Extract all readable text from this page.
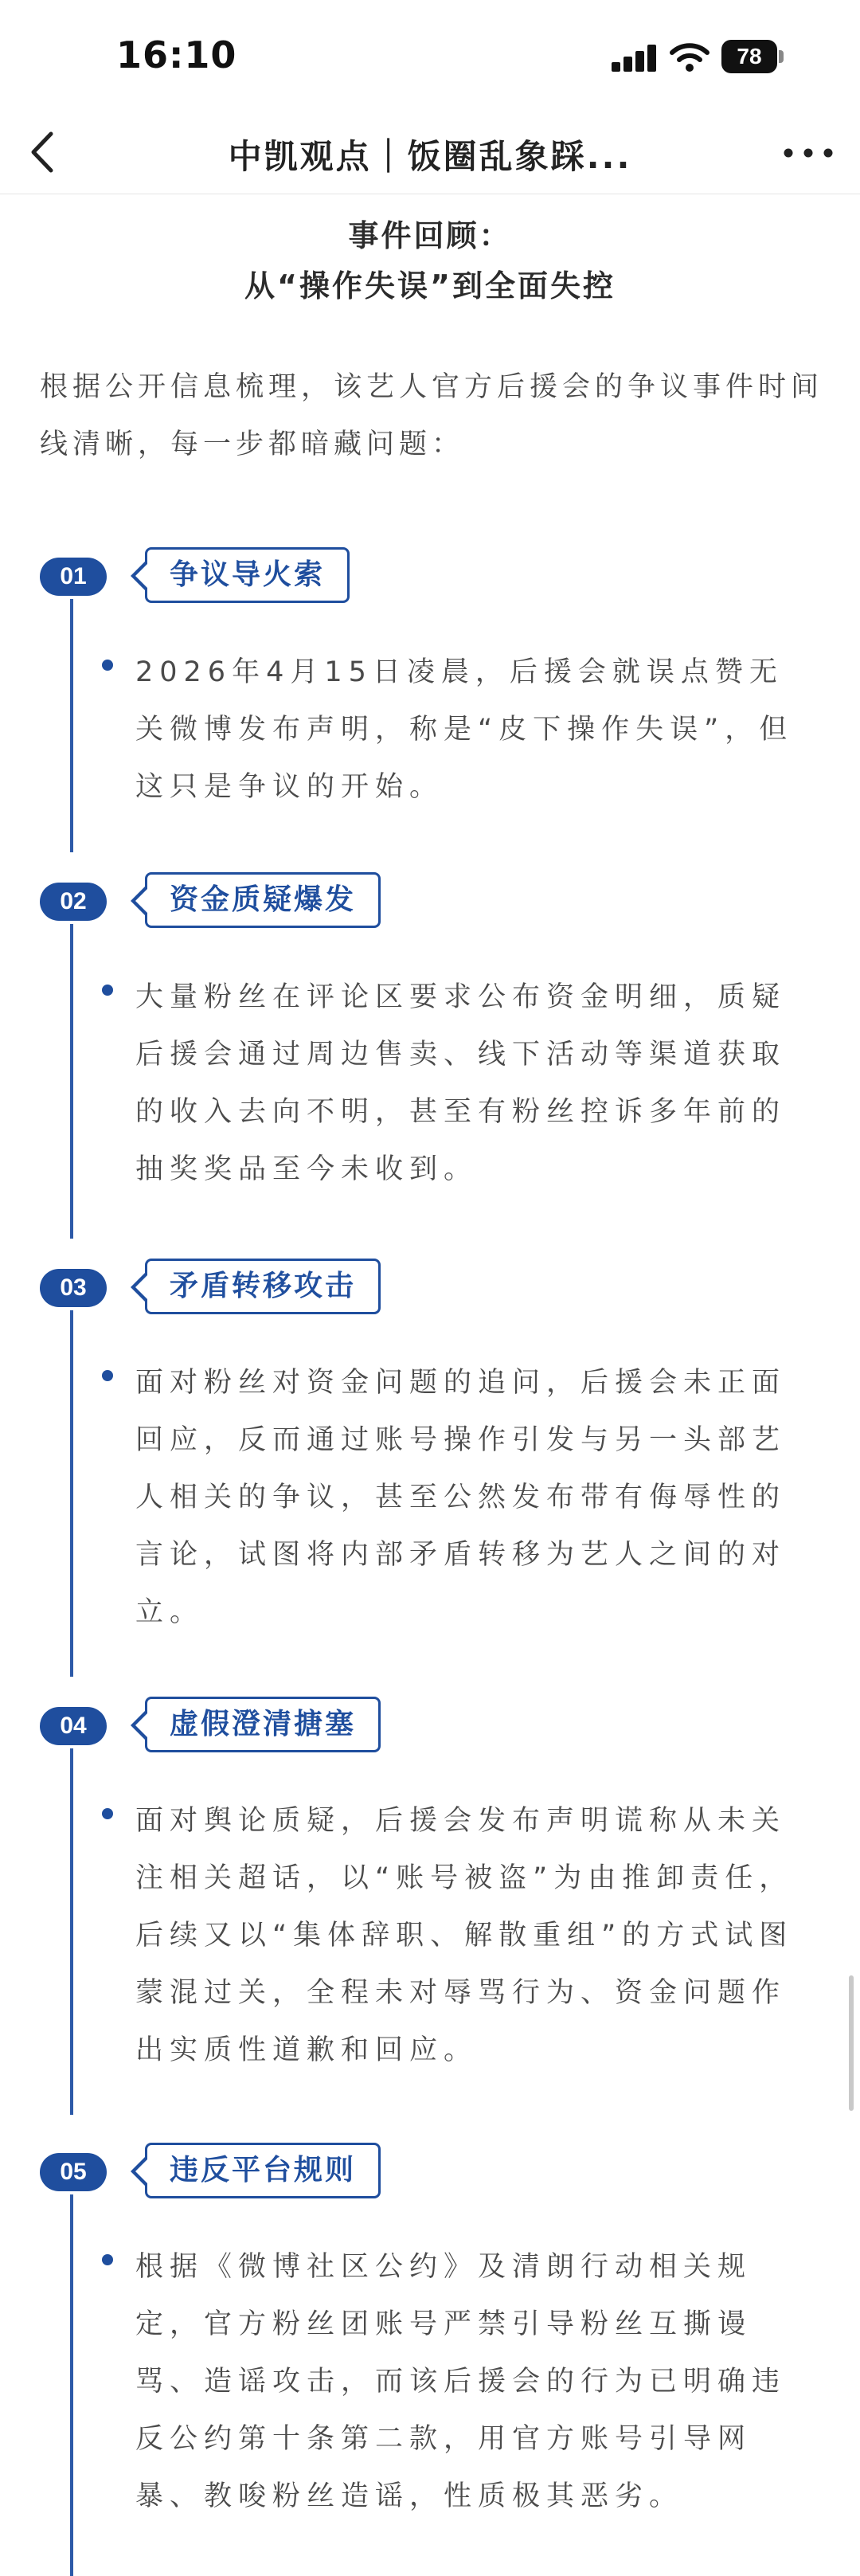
16:10	78
中凯观点｜饭圈乱象踩...
事件回顾：
从“操作失误”到全面失控
根据公开信息梳理，该艺人官方后援会的争议事件时间线清晰，每一步都暗藏问题：
01	争议导火索
2026年4月15日凌晨，后援会就误点赞无关微博发布声明，称是“皮下操作失误”，但这只是争议的开始。
02	资金质疑爆发
大量粉丝在评论区要求公布资金明细，质疑后援会通过周边售卖、线下活动等渠道获取的收入去向不明，甚至有粉丝控诉多年前的抽奖奖品至今未收到。
03	矛盾转移攻击
面对粉丝对资金问题的追问，后援会未正面回应，反而通过账号操作引发与另一头部艺人相关的争议，甚至公然发布带有侮辱性的言论，试图将内部矛盾转移为艺人之间的对立。
04	虚假澄清搪塞
面对舆论质疑，后援会发布声明谎称从未关注相关超话，以“账号被盗”为由推卸责任，后续又以“集体辞职、解散重组”的方式试图蒙混过关，全程未对辱骂行为、资金问题作出实质性道歉和回应。
05	违反平台规则
根据《微博社区公约》及清朗行动相关规定，官方粉丝团账号严禁引导粉丝互撕谩骂、造谣攻击，而该后援会的行为已明确违反公约第十条第二款，用官方账号引导网暴、教唆粉丝造谣，性质极其恶劣。
